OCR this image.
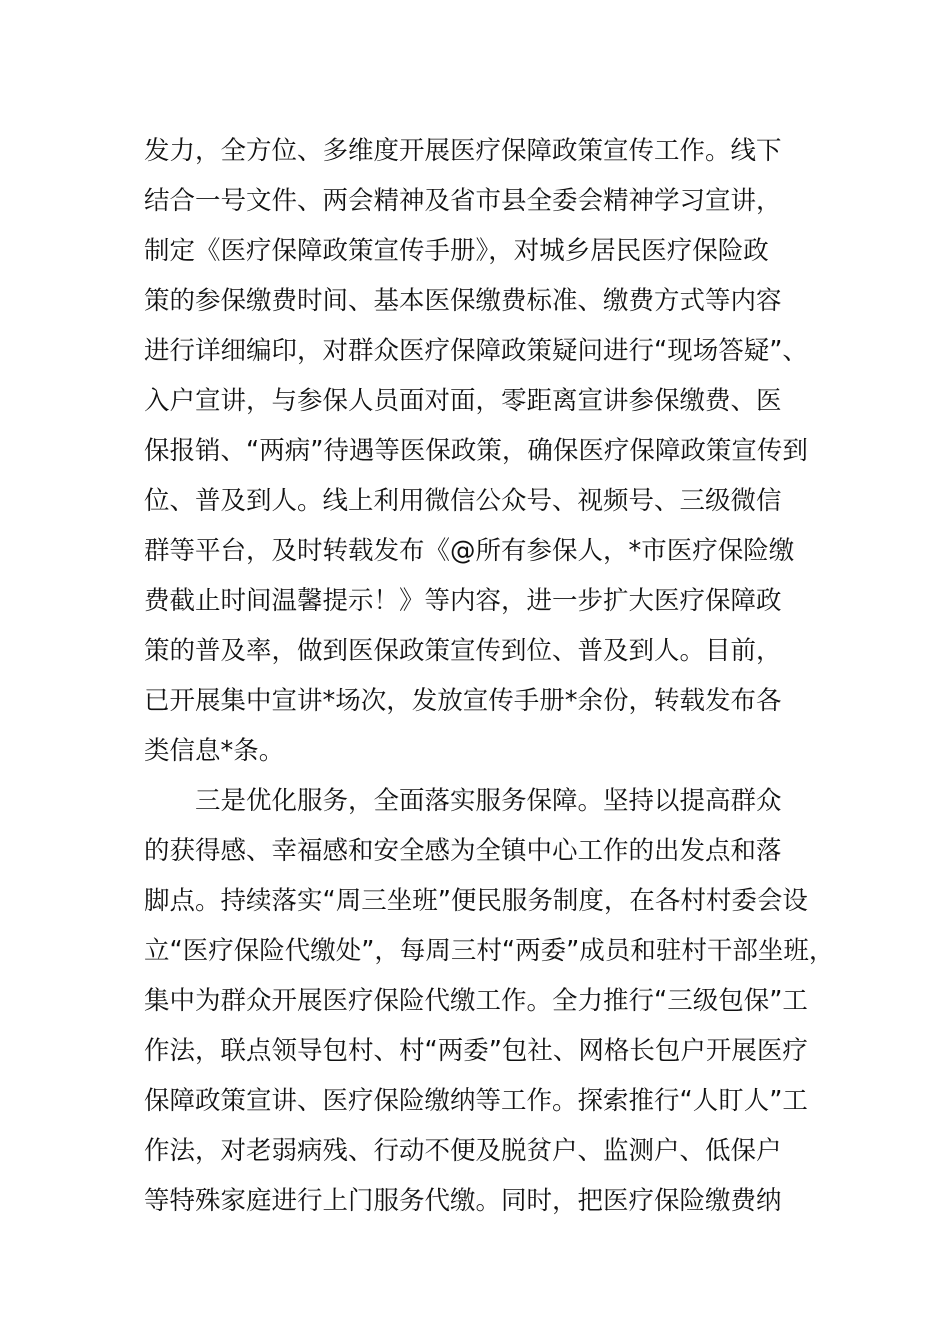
发力，全方位、多维度开展医疗保障政策宣传工作。线下
结合一号文件、两会精神及省市县全委会精神学习宣讲，
制定《医疗保障政策宣传手册》，对城乡居民医疗保险政
策的参保缴费时间、基本医保缴费标准、缴费方式等内容
进行详细编印，对群众医疗保障政策疑问进行“现场答疑”、
入户宣讲，与参保人员面对面，零距离宣讲参保缴费、医
保报销、“两病”待遇等医保政策，确保医疗保障政策宣传到
位、普及到人。线上利用微信公众号、视频号、三级微信
群等平台，及时转载发布《@所有参保人，*市医疗保险缴
费截止时间温馨提示！》等内容，进一步扩大医疗保障政
策的普及率，做到医保政策宣传到位、普及到人。目前，
已开展集中宣讲*场次，发放宣传手册*余份，转载发布各
类信息*条。
三是优化服务，全面落实服务保障。坚持以提高群众
的获得感、幸福感和安全感为全镇中心工作的出发点和落
脚点。持续落实“周三坐班”便民服务制度，在各村村委会设
立“医疗保险代缴处”，每周三村“两委”成员和驻村干部坐班，
集中为群众开展医疗保险代缴工作。全力推行“三级包保”工
作法，联点领导包村、村“两委”包社、网格长包户开展医疗
保障政策宣讲、医疗保险缴纳等工作。探索推行“人盯人”工
作法，对老弱病残、行动不便及脱贫户、监测户、低保户
等特殊家庭进行上门服务代缴。同时，把医疗保险缴费纳
